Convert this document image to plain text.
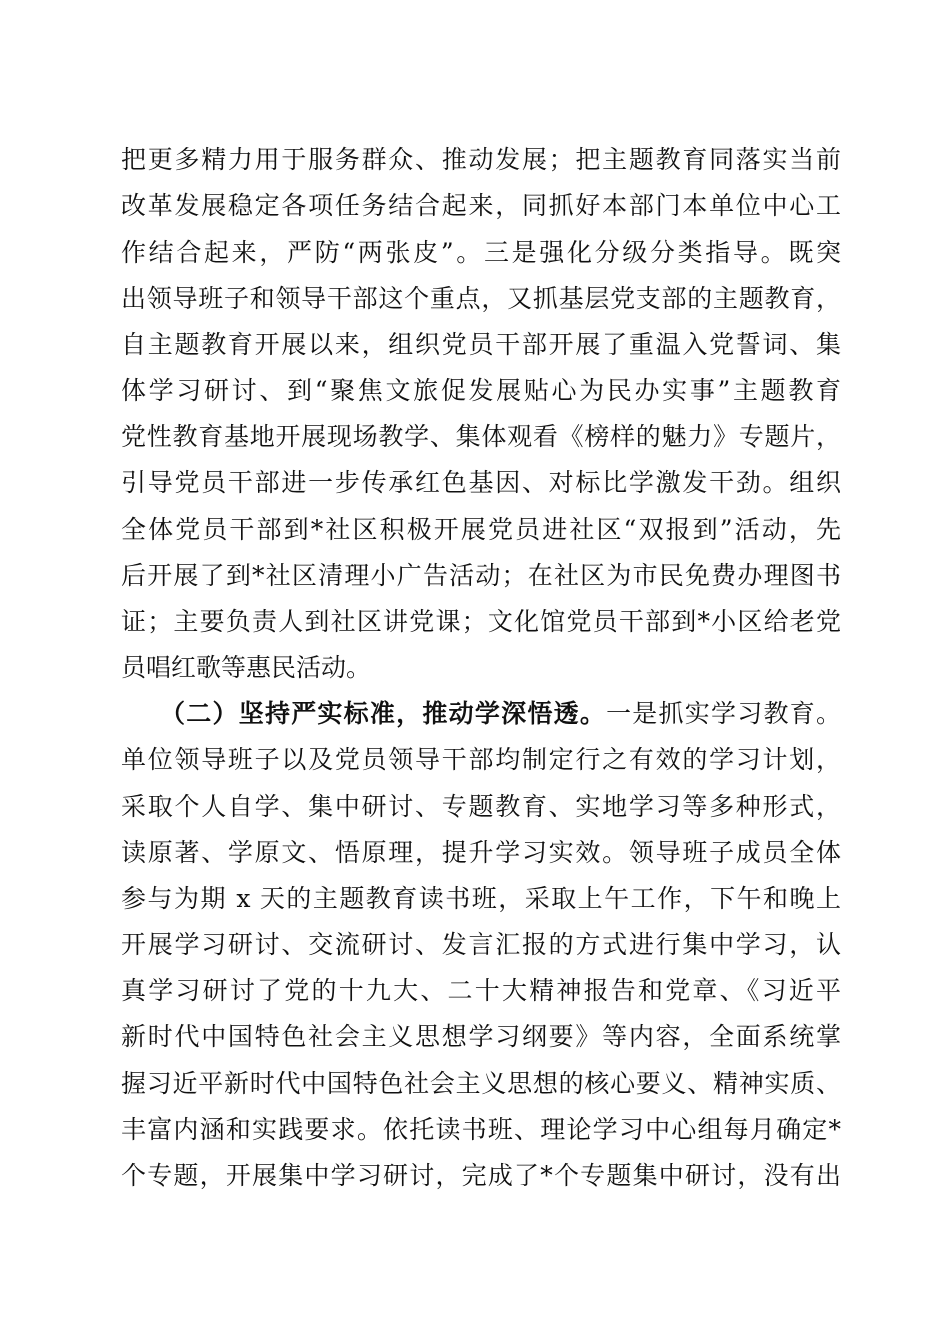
把更多精力用于服务群众、推动发展；把主题教育同落实当前
改革发展稳定各项任务结合起来，同抓好本部门本单位中心工
作结合起来，严防“两张皮”。三是强化分级分类指导。既突
出领导班子和领导干部这个重点，又抓基层党支部的主题教育，
自主题教育开展以来，组织党员干部开展了重温入党誓词、集
体学习研讨、到“聚焦文旅促发展贴心为民办实事”主题教育
党性教育基地开展现场教学、集体观看《榜样的魅力》专题片，
引导党员干部进一步传承红色基因、对标比学激发干劲。组织
全体党员干部到*社区积极开展党员进社区“双报到”活动，先
后开展了到*社区清理小广告活动；在社区为市民免费办理图书
证；主要负责人到社区讲党课；文化馆党员干部到*小区给老党
员唱红歌等惠民活动。
（二）坚持严实标准，推动学深悟透。一是抓实学习教育。
单位领导班子以及党员领导干部均制定行之有效的学习计划，
采取个人自学、集中研讨、专题教育、实地学习等多种形式，
读原著、学原文、悟原理，提升学习实效。领导班子成员全体
参与为期 x 天的主题教育读书班，采取上午工作，下午和晚上
开展学习研讨、交流研讨、发言汇报的方式进行集中学习，认
真学习研讨了党的十九大、二十大精神报告和党章、《习近平
新时代中国特色社会主义思想学习纲要》等内容，全面系统掌
握习近平新时代中国特色社会主义思想的核心要义、精神实质、
丰富内涵和实践要求。依托读书班、理论学习中心组每月确定*
个专题，开展集中学习研讨，完成了*个专题集中研讨，没有出
